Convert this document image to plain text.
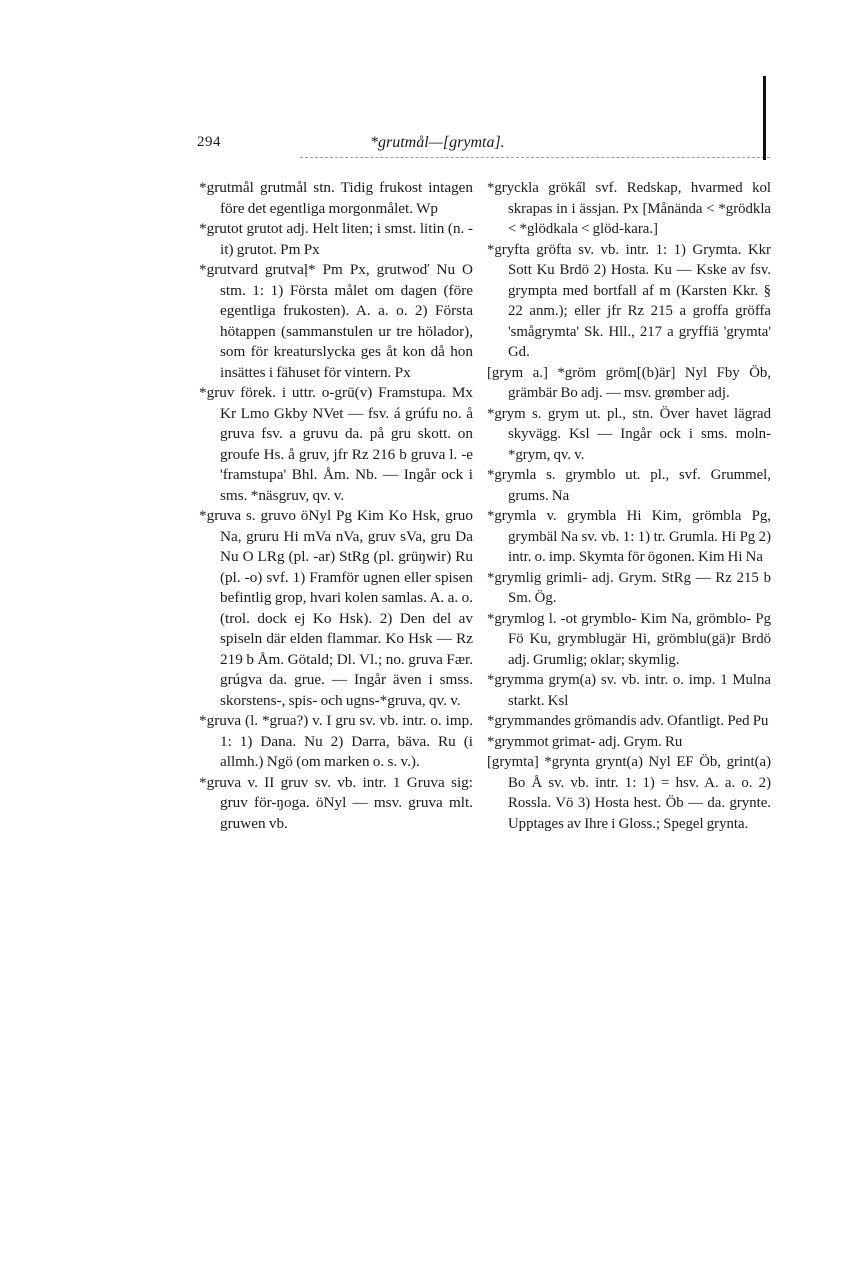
294	*grutmål—[grymta].

*grutmål grutmål stn. Tidig frukost intagen före det egentliga morgonmålet. Wp

*grutot grutot adj. Helt liten; i smst. litin (n. -it) grutot. Pm Px

*grutvard grutvaļ* Pm Px, grutwoď Nu O stm. 1: 1) Första målet om dagen (före egentliga frukosten). A. a. o. 2) Första hötappen (sammanstulen ur tre hölador), som för kreaturslycka ges åt kon då hon insättes i fähuset för vintern. Px

*gruv förek. i uttr. o-grū(v) Framstupa. Mx Kr Lmo Gkby NVet — fsv. á grúfu no. å gruva fsv. a gruvu da. på gru skott. on groufe Hs. å gruv, jfr Rz 216 b gruva l. -e 'framstupa' Bhl. Åm. Nb. — Ingår ock i sms. *näsgruv, qv. v.

*gruva s. gruvo öNyl Pg Kim Ko Hsk, gruo Na, gruru Hi mVa nVa, gruv sVa, gru Da Nu O LRg (pl. -ar) StRg (pl. grüŋwir) Ru (pl. -o) svf. 1) Framför ugnen eller spisen befintlig grop, hvari kolen samlas. A. a. o. (trol. dock ej Ko Hsk). 2) Den del av spiseln där elden flammar. Ko Hsk — Rz 219 b Åm. Götald; Dl. Vl.; no. gruva Fær. grúgva da. grue. — Ingår även i smss. skorstens-, spis- och ugns-*gruva, qv. v.

*gruva (l. *grua?) v. I gru sv. vb. intr. o. imp. 1: 1) Dana. Nu 2) Darra, bäva. Ru (i allmh.) Ngö (om marken o. s. v.).

*gruva v. II gruv sv. vb. intr. 1 Gruva sig: gruv för-ŋoga. öNyl — msv. gruva mlt. gruwen vb.

*gryckla gröka̋l svf. Redskap, hvarmed kol skrapas in i ässjan. Px [Månända < *grödkla < *glödkala < glöd-kara.]

*gryfta gröfta sv. vb. intr. 1: 1) Grymta. Kkr Sott Ku Brdö 2) Hosta. Ku — Kske av fsv. grympta med bortfall af m (Karsten Kkr. § 22 anm.); eller jfr Rz 215 a groffa gröffa 'smågrymta' Sk. Hll., 217 a gryffiä 'grymta' Gd.

[grym a.] *gröm gröm[(b)är] Nyl Fby Öb, grämbär Bo adj. — msv. grømber adj.

*grym s. grym ut. pl., stn. Över havet lägrad skyvägg. Ksl — Ingår ock i sms. moln-*grym, qv. v.

*grymla s. grymblo ut. pl., svf. Grummel, grums. Na

*grymla v. grymbla Hi Kim, grömbla Pg, grymbäl Na sv. vb. 1: 1) tr. Grumla. Hi Pg 2) intr. o. imp. Skymta för ögonen. Kim Hi Na

*grymlig grimli- adj. Grym. StRg — Rz 215 b Sm. Ög.

*grymlog l. -ot grymblo- Kim Na, grömblo- Pg Fö Ku, grymblugär Hi, grömblu(gä)r Brdö adj. Grumlig; oklar; skymlig.

*grymma grym(a) sv. vb. intr. o. imp. 1 Mulna starkt. Ksl

*grymmandes grömandis adv. Ofantligt. Ped Pu

*grymmot grimat- adj. Grym. Ru

[grymta] *grynta grynt(a) Nyl EF Öb, grint(a) Bo Å sv. vb. intr. 1: 1) = hsv. A. a. o. 2) Rossla. Vö 3) Hosta hest. Öb — da. grynte. Upptages av Ihre i Gloss.; Spegel grynta.
